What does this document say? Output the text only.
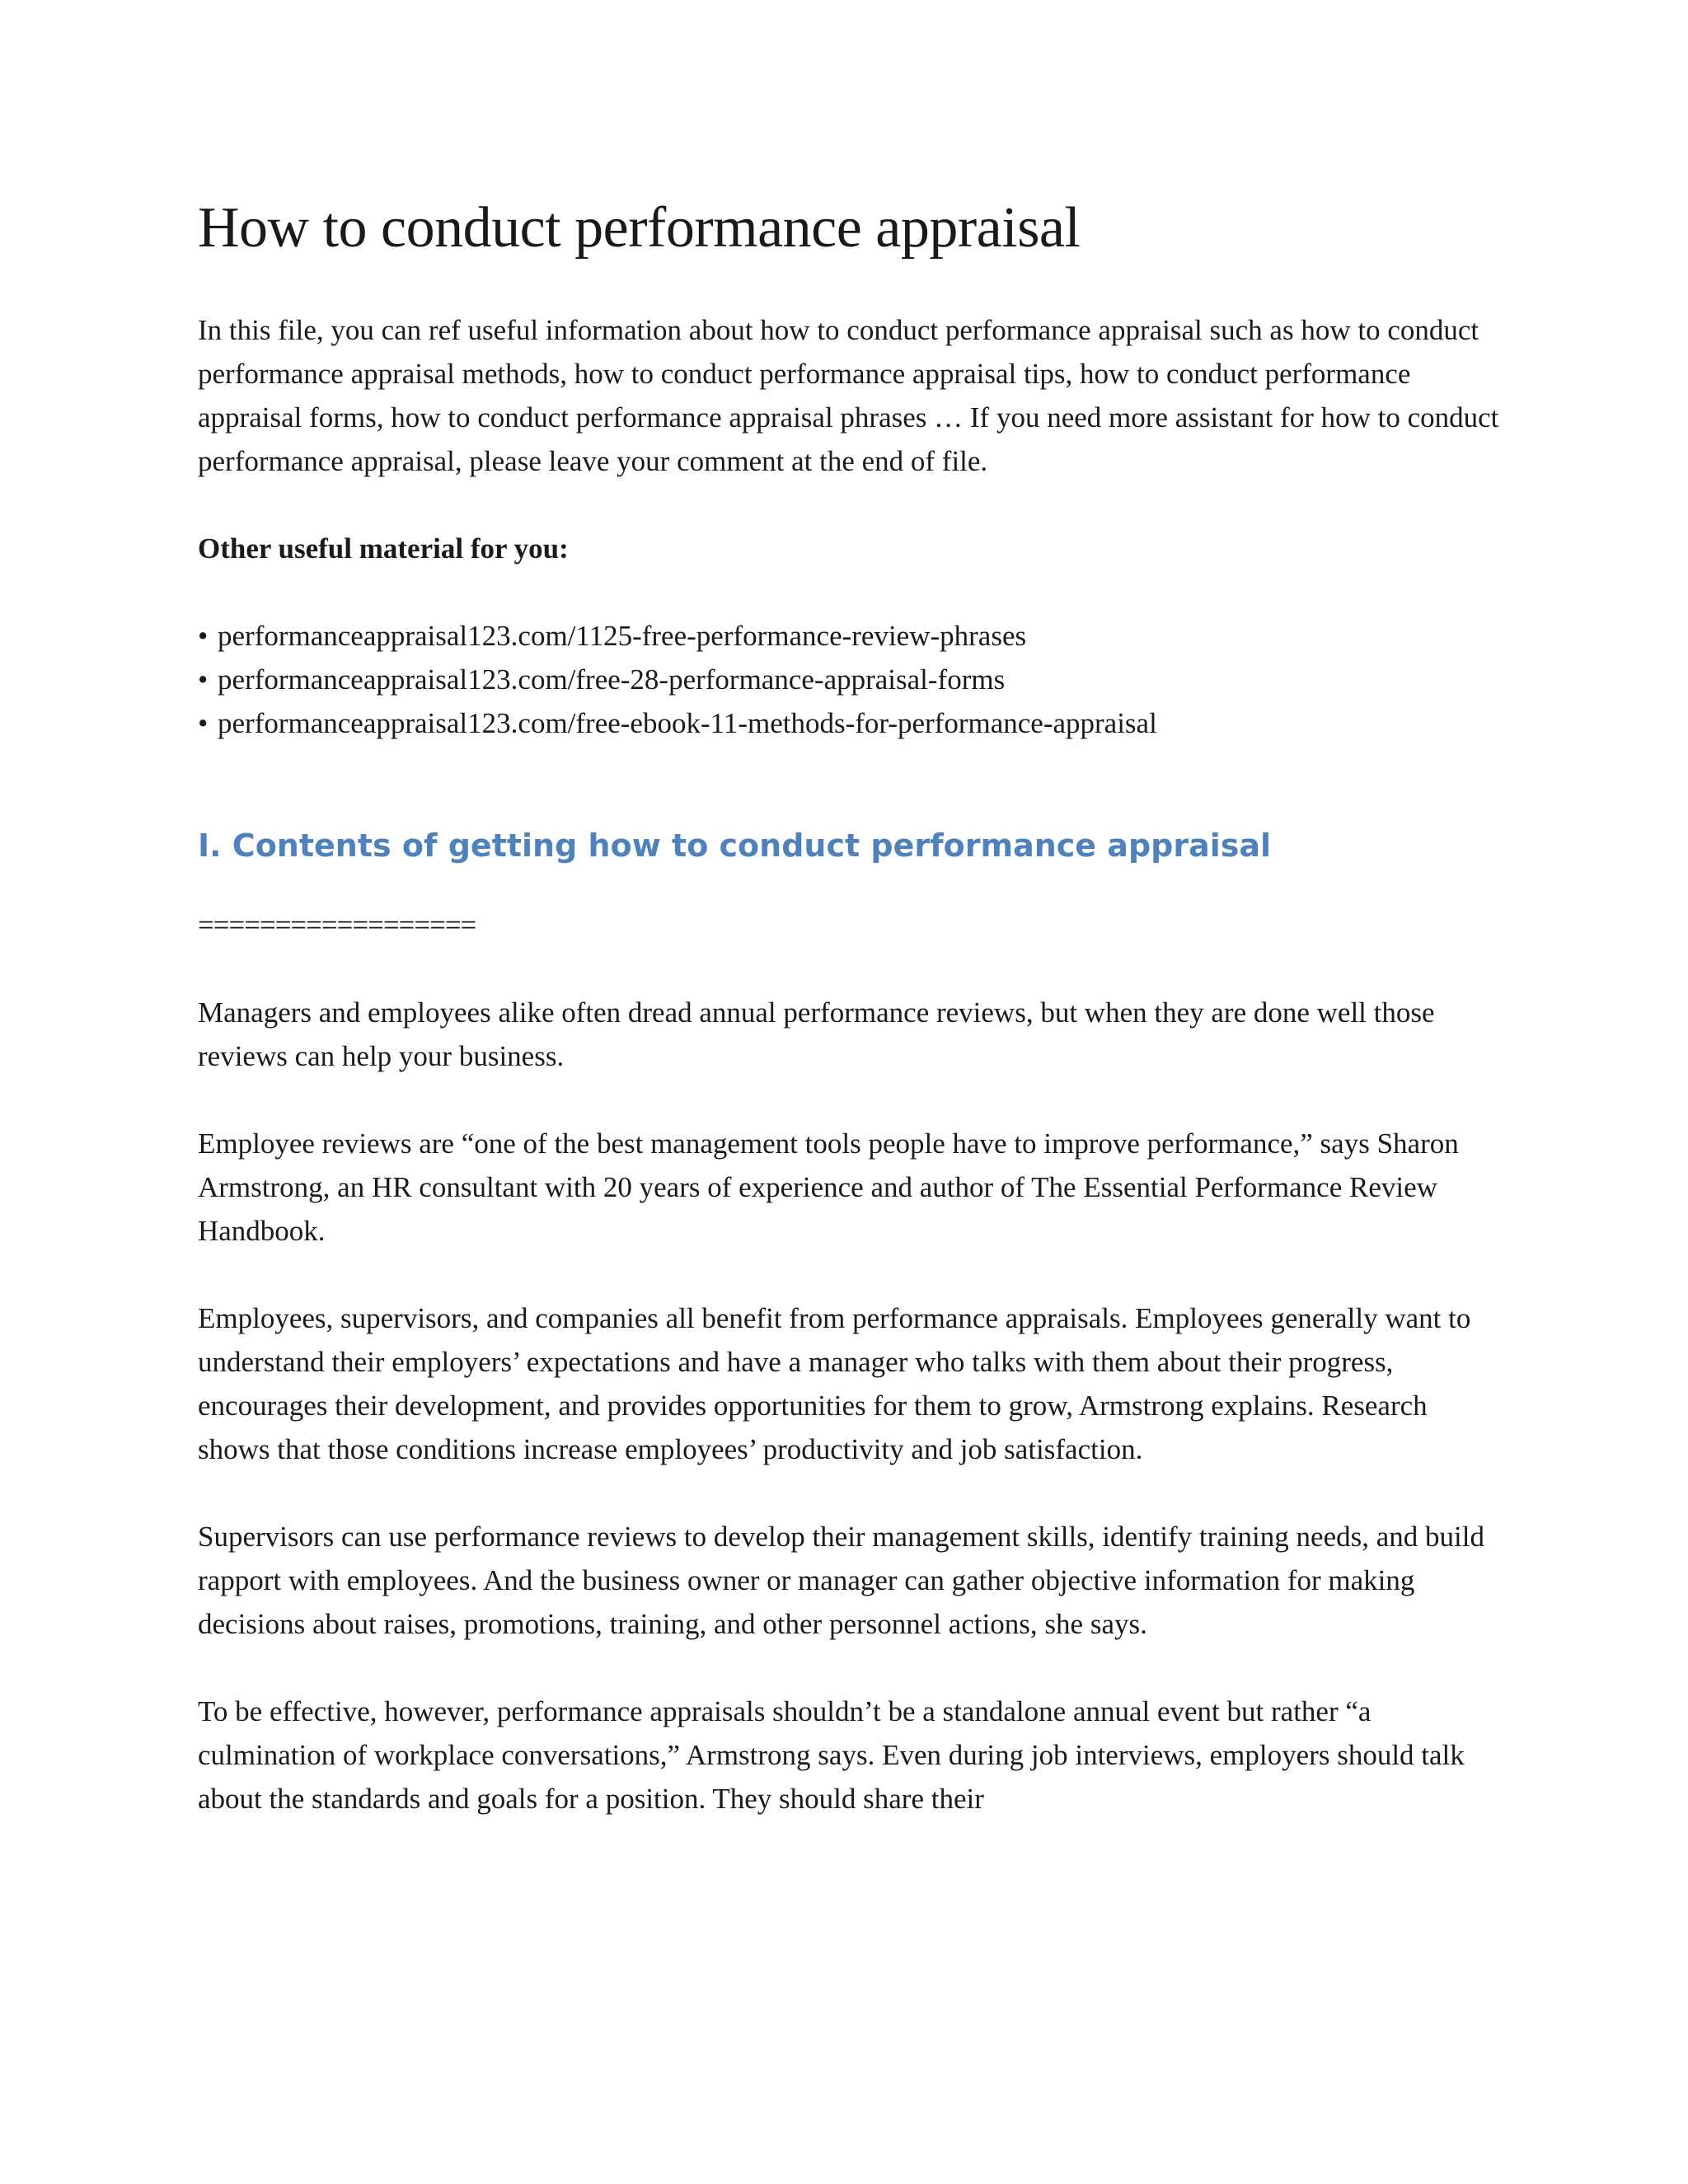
How to conduct performance appraisal

In this file, you can ref useful information about how to conduct performance appraisal such as how to conduct performance appraisal methods, how to conduct performance appraisal tips, how to conduct performance appraisal forms, how to conduct performance appraisal phrases … If you need more assistant for how to conduct performance appraisal, please leave your comment at the end of file.

Other useful material for you:

• performanceappraisal123.com/1125-free-performance-review-phrases
• performanceappraisal123.com/free-28-performance-appraisal-forms
• performanceappraisal123.com/free-ebook-11-methods-for-performance-appraisal
I. Contents of getting how to conduct performance appraisal

==================

Managers and employees alike often dread annual performance reviews, but when they are done well those reviews can help your business.

Employee reviews are “one of the best management tools people have to improve performance,” says Sharon Armstrong, an HR consultant with 20 years of experience and author of The Essential Performance Review Handbook.

Employees, supervisors, and companies all benefit from performance appraisals. Employees generally want to understand their employers’ expectations and have a manager who talks with them about their progress, encourages their development, and provides opportunities for them to grow, Armstrong explains. Research shows that those conditions increase employees’ productivity and job satisfaction.

Supervisors can use performance reviews to develop their management skills, identify training needs, and build rapport with employees. And the business owner or manager can gather objective information for making decisions about raises, promotions, training, and other personnel actions, she says.

To be effective, however, performance appraisals shouldn’t be a standalone annual event but rather “a culmination of workplace conversations,” Armstrong says. Even during job interviews, employers should talk about the standards and goals for a position. They should share their
